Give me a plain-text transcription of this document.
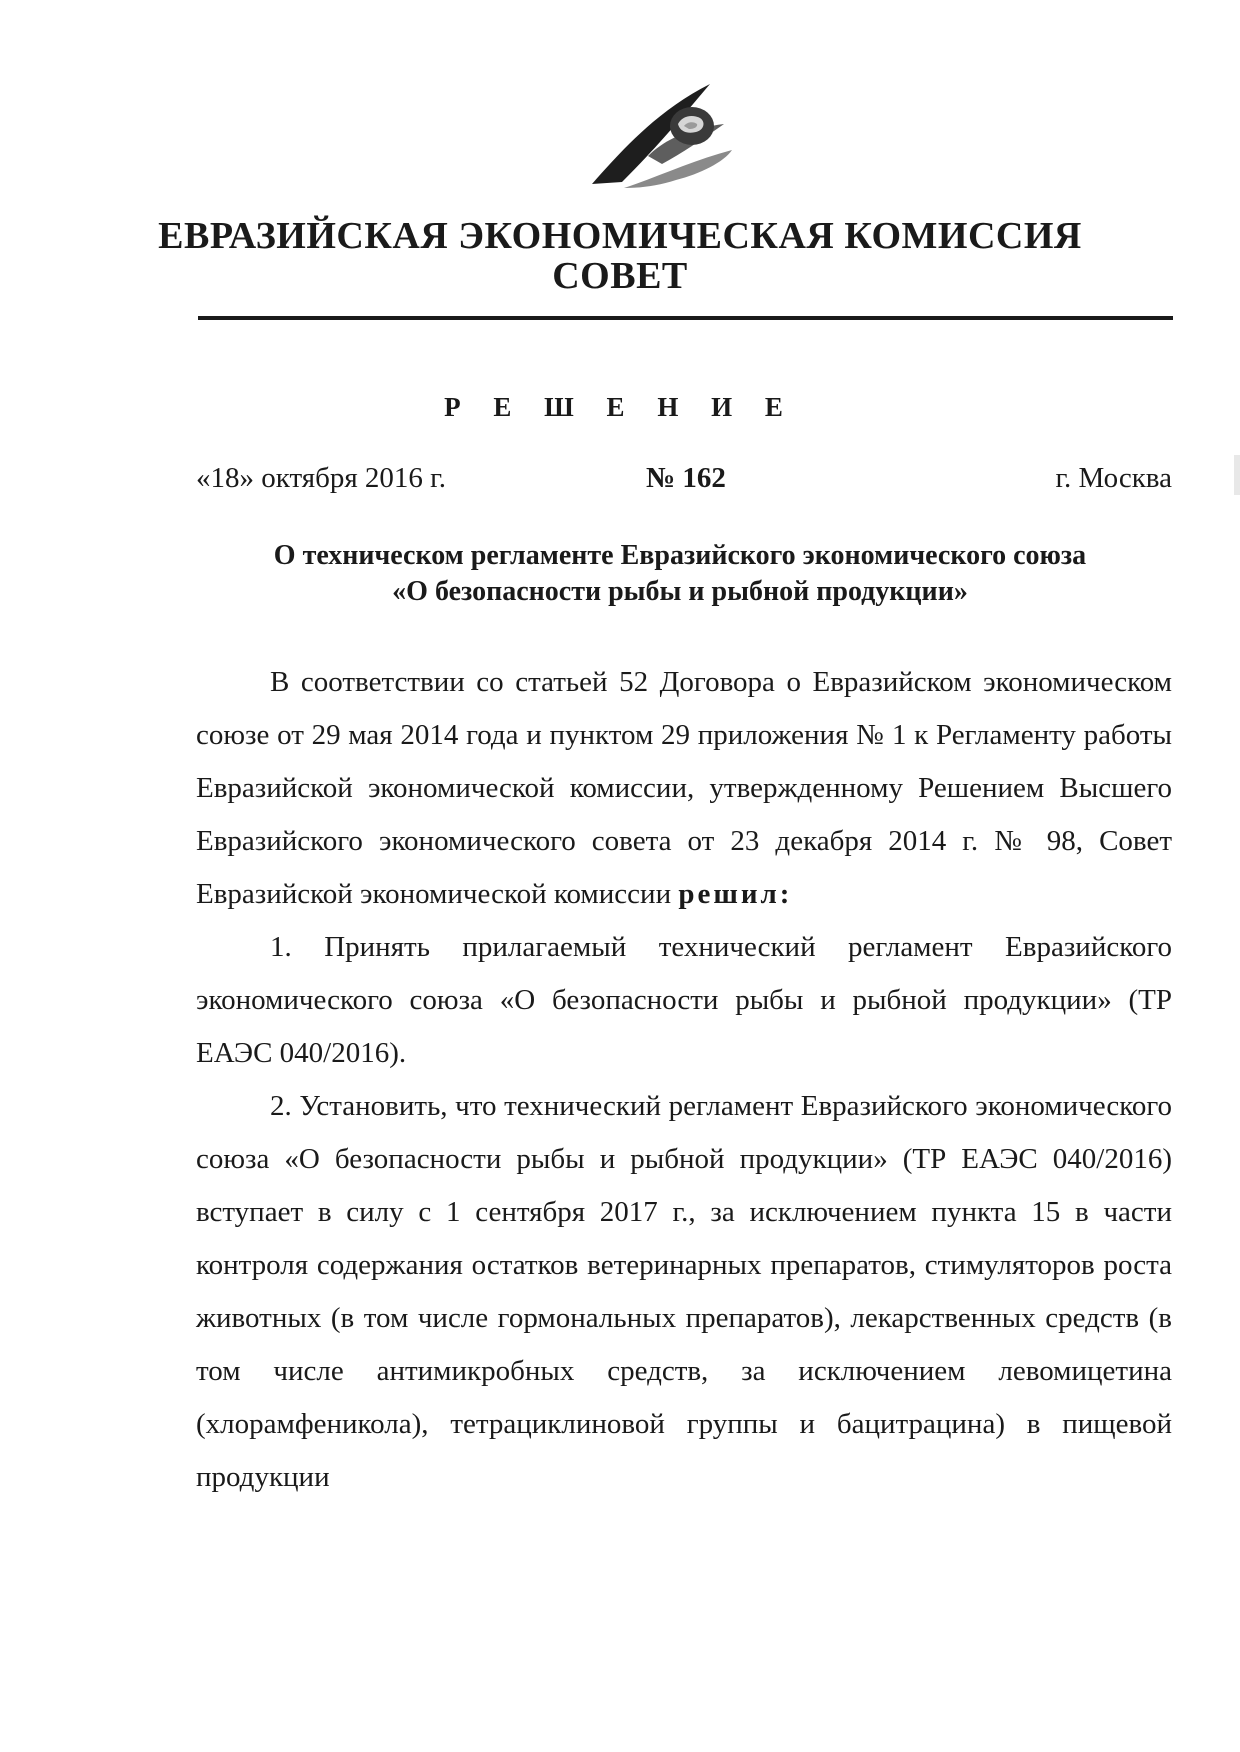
ЕВРАЗИЙСКАЯ ЭКОНОМИЧЕСКАЯ КОМИССИЯ
СОВЕТ
Р Е Ш Е Н И Е
«18» октября 2016 г.	№ 162	г. Москва
О техническом регламенте Евразийского экономического союза
«О безопасности рыбы и рыбной продукции»

В соответствии со статьей 52 Договора о Евразийском экономическом союзе от 29 мая 2014 года и пунктом 29 приложения № 1 к Регламенту работы Евразийской экономической комиссии, утвержденному Решением Высшего Евразийского экономического совета от 23 декабря 2014 г. № 98, Совет Евразийской экономической комиссии решил:

1. Принять прилагаемый технический регламент Евразийского экономического союза «О безопасности рыбы и рыбной продукции» (ТР ЕАЭС 040/2016).

2. Установить, что технический регламент Евразийского экономического союза «О безопасности рыбы и рыбной продукции» (ТР ЕАЭС 040/2016) вступает в силу с 1 сентября 2017 г., за исключением пункта 15 в части контроля содержания остатков ветеринарных препаратов, стимуляторов роста животных (в том числе гормональных препаратов), лекарственных средств (в том числе антимикробных средств, за исключением левомицетина (хлорамфеникола), тетрациклиновой группы и бацитрацина) в пищевой продукции
